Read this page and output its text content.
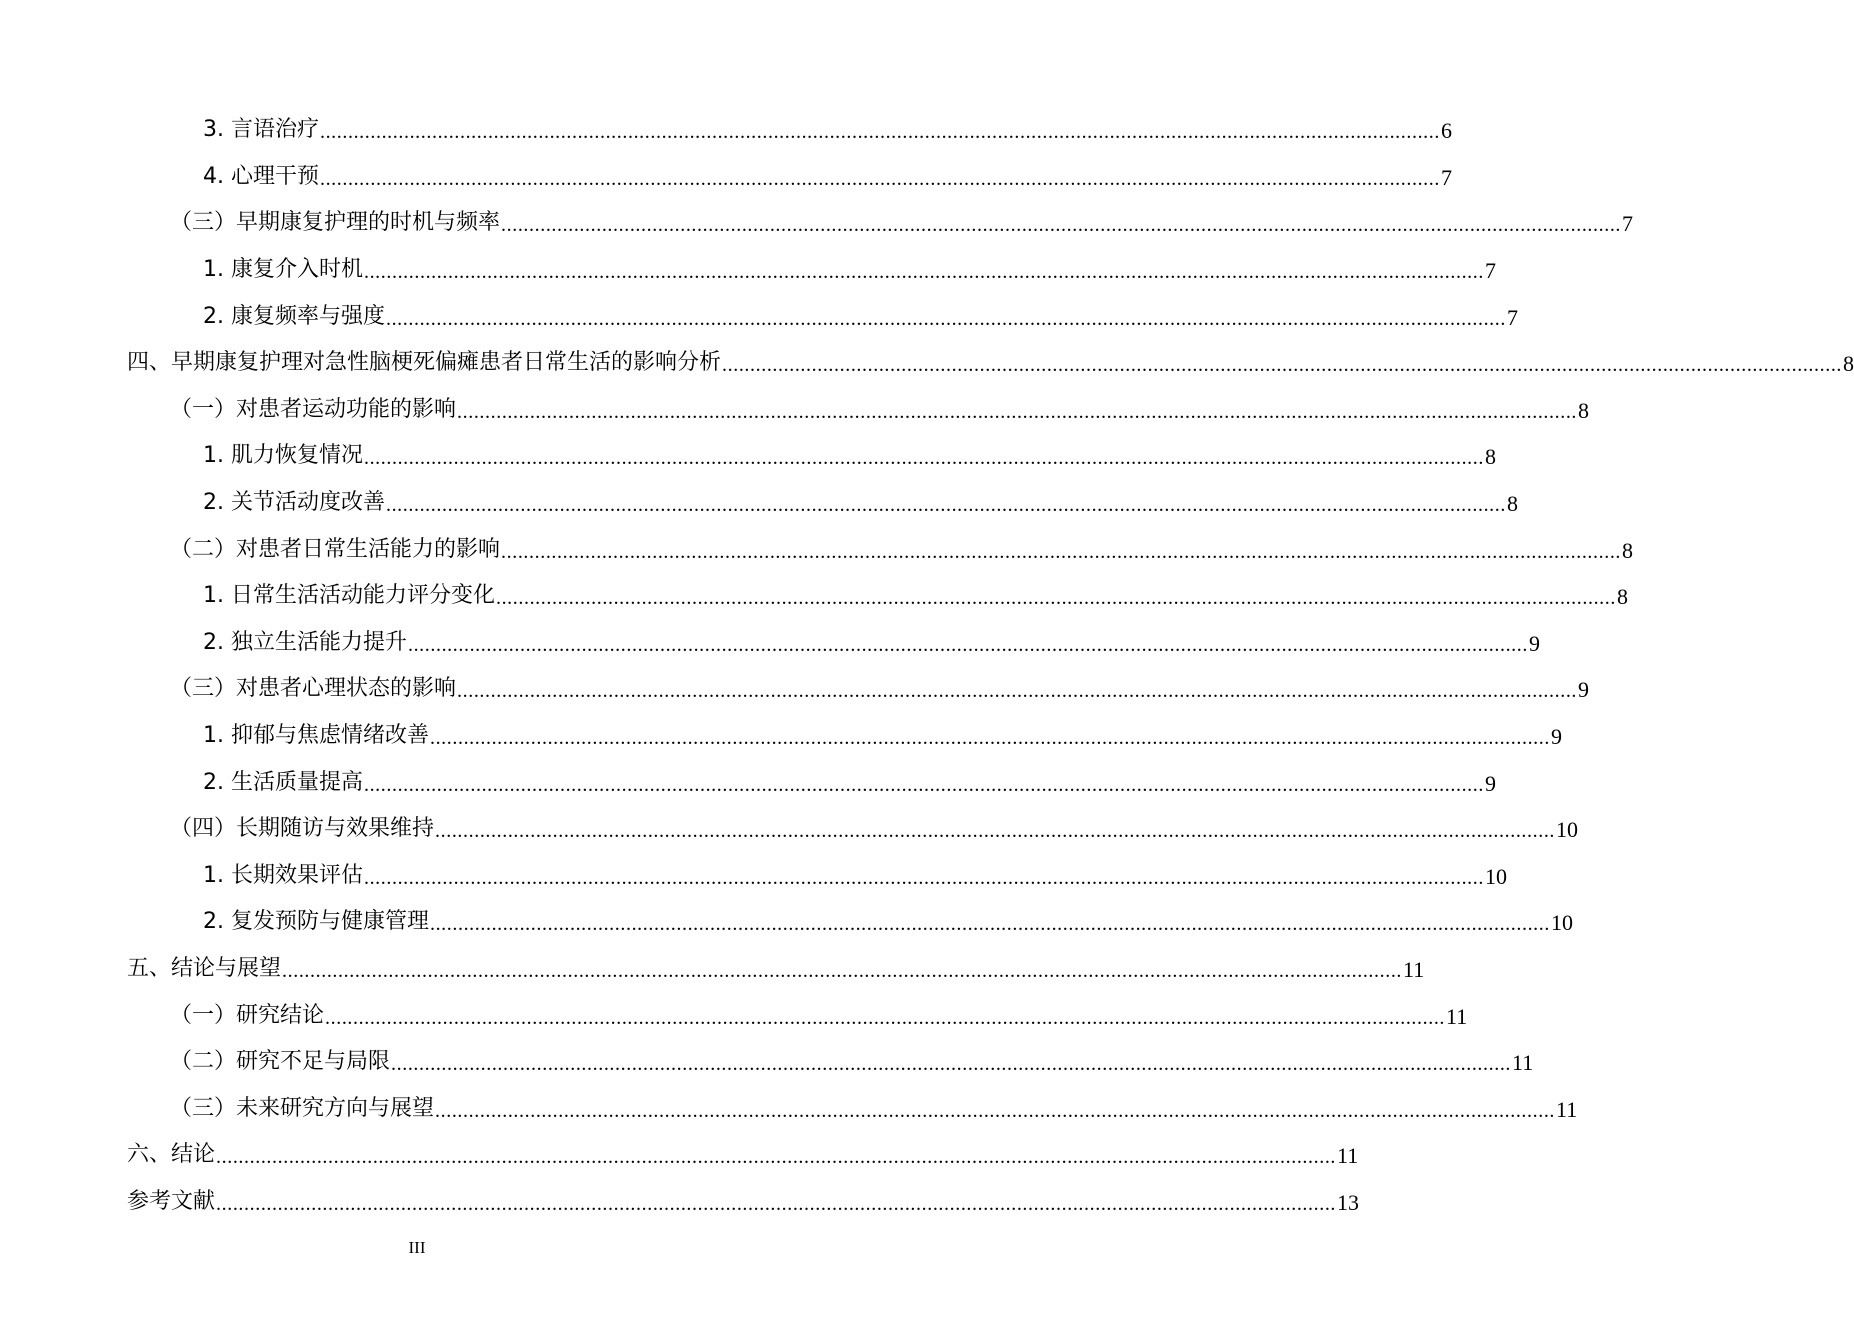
3. 言语治疗 ........................................................................................................................................................................................................ 6
4. 心理干预 ........................................................................................................................................................................................................ 7
（三）早期康复护理的时机与频率 ........................................................................................................................................................................................................ 7
1. 康复介入时机 ........................................................................................................................................................................................................ 7
2. 康复频率与强度 ........................................................................................................................................................................................................ 7
四、早期康复护理对急性脑梗死偏瘫患者日常生活的影响分析 ........................................................................................................................................................................................................ 8
（一）对患者运动功能的影响 ........................................................................................................................................................................................................ 8
1. 肌力恢复情况 ........................................................................................................................................................................................................ 8
2. 关节活动度改善 ........................................................................................................................................................................................................ 8
（二）对患者日常生活能力的影响 ........................................................................................................................................................................................................ 8
1. 日常生活活动能力评分变化 ........................................................................................................................................................................................................ 8
2. 独立生活能力提升 ........................................................................................................................................................................................................ 9
（三）对患者心理状态的影响 ........................................................................................................................................................................................................ 9
1. 抑郁与焦虑情绪改善 ........................................................................................................................................................................................................ 9
2. 生活质量提高 ........................................................................................................................................................................................................ 9
（四）长期随访与效果维持 ........................................................................................................................................................................................................ 10
1. 长期效果评估 ........................................................................................................................................................................................................ 10
2. 复发预防与健康管理 ........................................................................................................................................................................................................ 10
五、结论与展望 ........................................................................................................................................................................................................ 11
（一）研究结论 ........................................................................................................................................................................................................ 11
（二）研究不足与局限 ........................................................................................................................................................................................................ 11
（三）未来研究方向与展望 ........................................................................................................................................................................................................ 11
六、结论 ........................................................................................................................................................................................................ 11
参考文献 ........................................................................................................................................................................................................ 13
III
